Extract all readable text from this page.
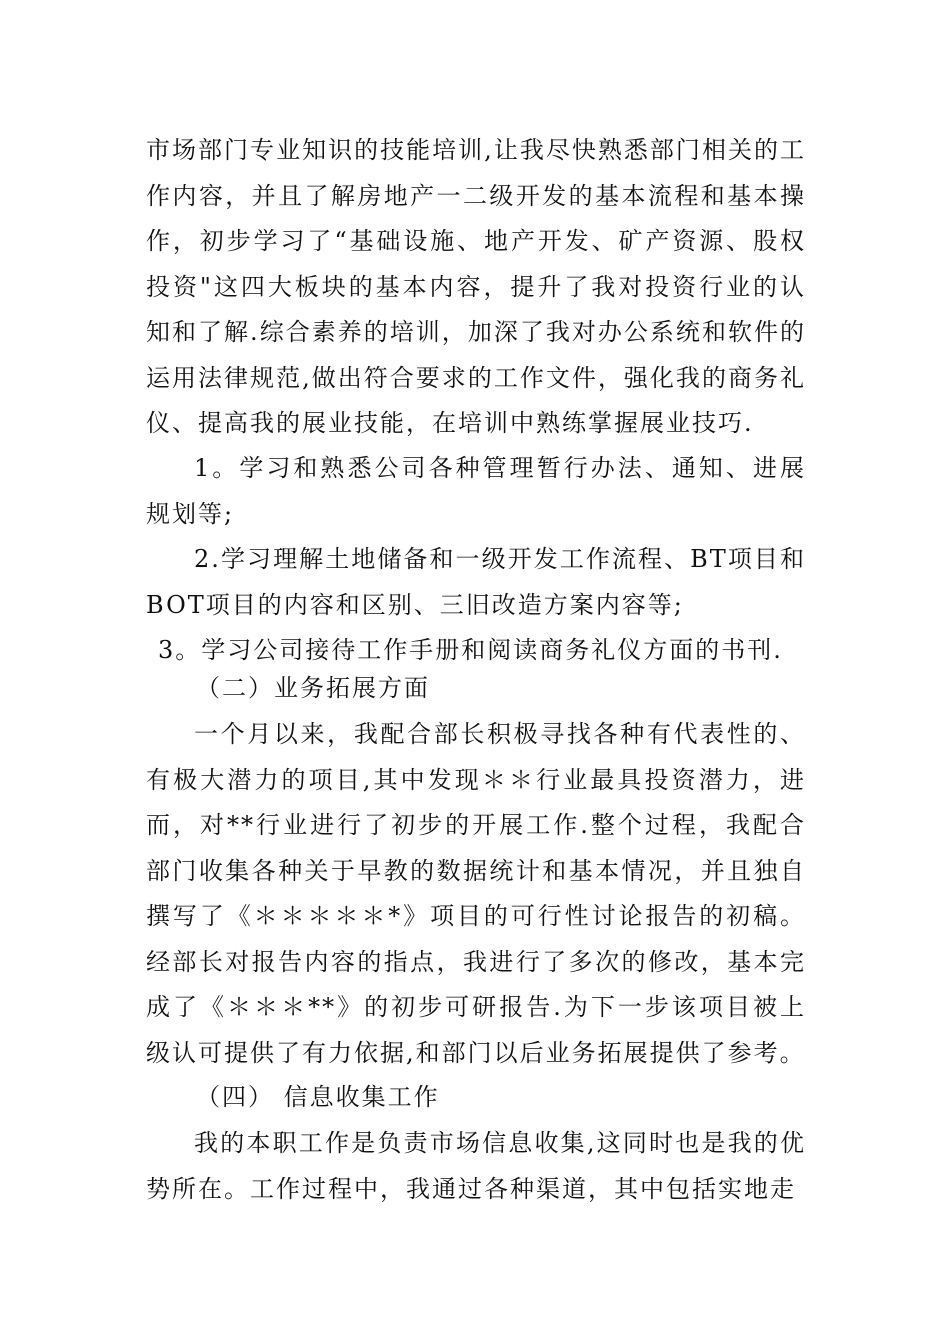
市场部门专业知识的技能培训,让我尽快熟悉部门相关的工作内容，并且了解房地产一二级开发的基本流程和基本操作，初步学习了“基础设施、地产开发、矿产资源、股权投资"这四大板块的基本内容，提升了我对投资行业的认知和了解.综合素养的培训，加深了我对办公系统和软件的运用法律规范,做出符合要求的工作文件，强化我的商务礼仪、提高我的展业技能，在培训中熟练掌握展业技巧.

1。学习和熟悉公司各种管理暂行办法、通知、进展规划等;

2.学习理解土地储备和一级开发工作流程、BT项目和BOT项目的内容和区别、三旧改造方案内容等;

3。学习公司接待工作手册和阅读商务礼仪方面的书刊.

（二）业务拓展方面

一个月以来，我配合部长积极寻找各种有代表性的、有极大潜力的项目,其中发现＊＊行业最具投资潜力，进而，对**行业进行了初步的开展工作.整个过程，我配合部门收集各种关于早教的数据统计和基本情况，并且独自撰写了《＊＊＊＊＊*》项目的可行性讨论报告的初稿。经部长对报告内容的指点，我进行了多次的修改，基本完成了《＊＊＊**》的初步可研报告.为下一步该项目被上级认可提供了有力依据,和部门以后业务拓展提供了参考。

（四） 信息收集工作

我的本职工作是负责市场信息收集,这同时也是我的优势所在。工作过程中，我通过各种渠道，其中包括实地走
